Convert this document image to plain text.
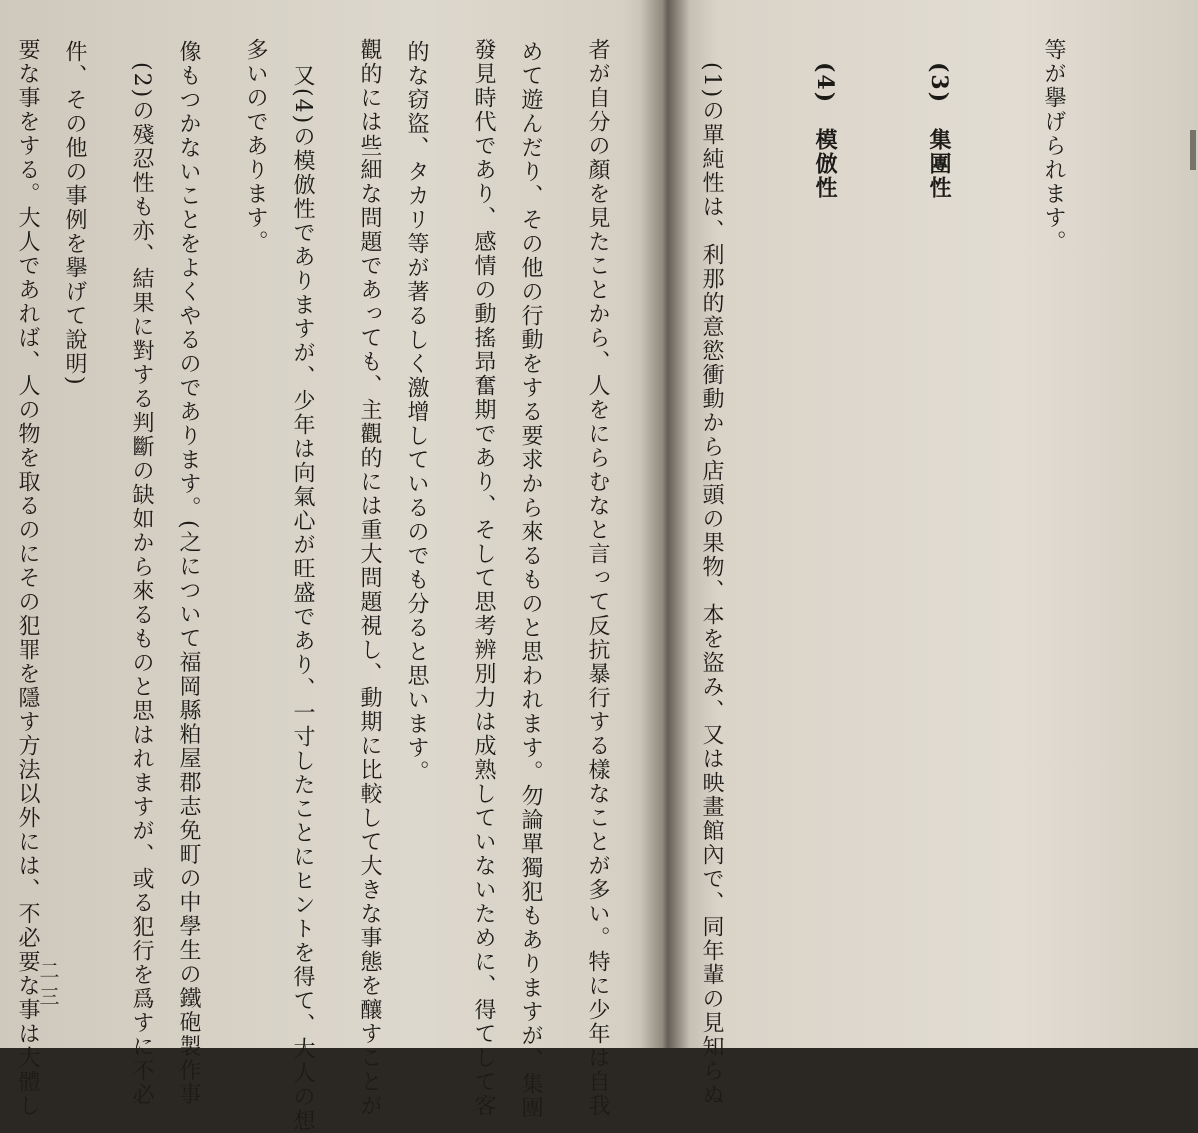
めて遊んだり、その他の行動をする要求から來るものと思われます。勿論單獨犯もありますが、集團

的な窃盜、タカリ等が著るしく激增しているのでも分ると思います。

　又(4)の模倣性でありますが、少年は向氣心が旺盛であり、一寸したことにヒントを得て、大人の想

像もつかないことをよくやるのであります。(之について福岡縣粕屋郡志免町の中學生の鐵砲製作事

件、その他の事例を擧げて說明)

二三

等が擧げられます。

　(3)　集團性

　(4)　模倣性

　(1)の單純性は、利那的意慾衝動から店頭の果物、本を盜み、又は映畫館內で、同年輩の見知らぬ

者が自分の顏を見たことから、人をにらむなと言って反抗暴行する樣なことが多い。特に少年は自我

發見時代であり、感情の動搖昻奮期であり、そして思考辨別力は成熟していないために、得てして客

觀的には些細な問題であっても、主觀的には重大問題視し、動期に比較して大きな事態を釀すことが

多いのであります。

　(2)の殘忍性も亦、結果に對する判斷の缺如から來るものと思はれますが、或る犯行を爲すに不必

要な事をする。大人であれば、人の物を取るのにその犯罪を隱す方法以外には、不必要な事は大體し
